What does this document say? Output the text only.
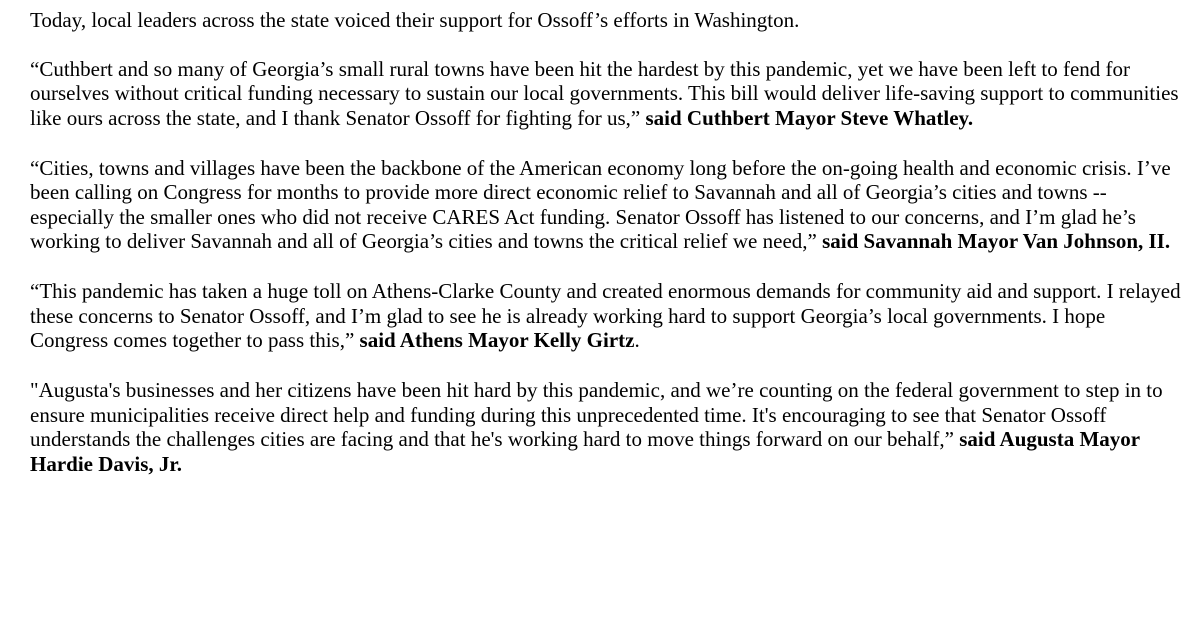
Today, local leaders across the state voiced their support for Ossoff’s efforts in Washington.

“Cuthbert and so many of Georgia’s small rural towns have been hit the hardest by this pandemic, yet we have been left to fend for ourselves without critical funding necessary to sustain our local governments. This bill would deliver life-saving support to communities like ours across the state, and I thank Senator Ossoff for fighting for us,” said Cuthbert Mayor Steve Whatley.

“Cities, towns and villages have been the backbone of the American economy long before the on-going health and economic crisis. I’ve been calling on Congress for months to provide more direct economic relief to Savannah and all of Georgia’s cities and towns -- especially the smaller ones who did not receive CARES Act funding. Senator Ossoff has listened to our concerns, and I’m glad he’s working to deliver Savannah and all of Georgia’s cities and towns the critical relief we need,” said Savannah Mayor Van Johnson, II.

“This pandemic has taken a huge toll on Athens-Clarke County and created enormous demands for community aid and support. I relayed these concerns to Senator Ossoff, and I’m glad to see he is already working hard to support Georgia’s local governments. I hope Congress comes together to pass this,” said Athens Mayor Kelly Girtz.

"Augusta's businesses and her citizens have been hit hard by this pandemic, and we’re counting on the federal government to step in to ensure municipalities receive direct help and funding during this unprecedented time. It's encouraging to see that Senator Ossoff understands the challenges cities are facing and that he's working hard to move things forward on our behalf,” said Augusta Mayor Hardie Davis, Jr.
